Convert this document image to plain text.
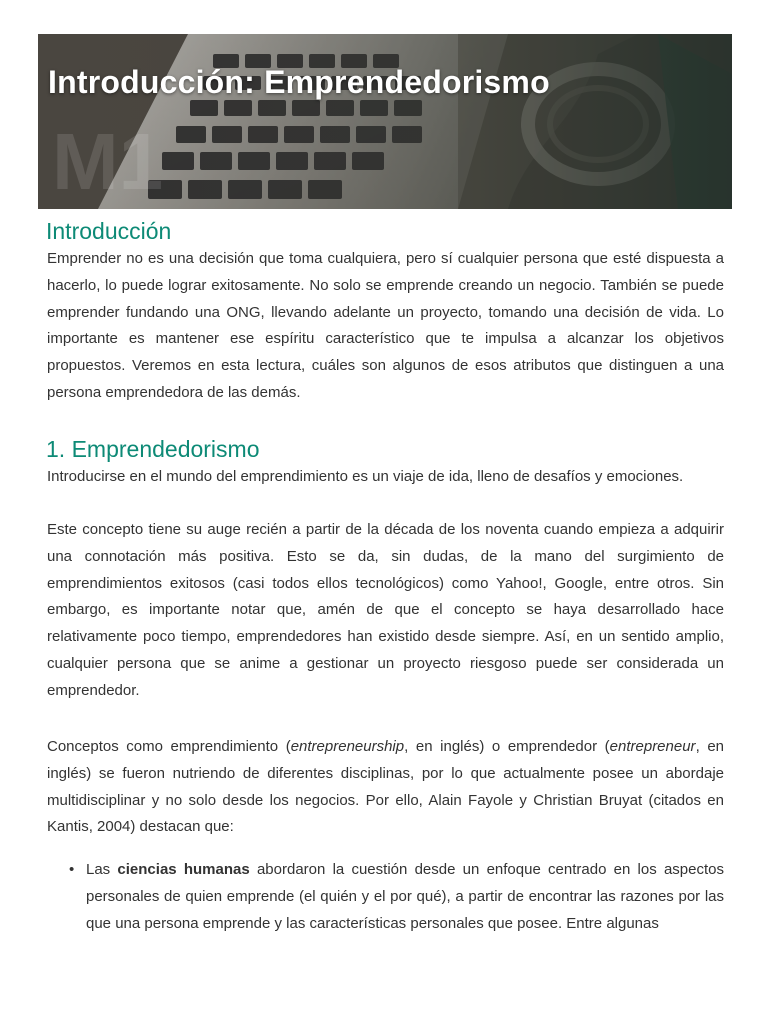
M1
Introducción: Emprendedorismo
Introducción

Emprender no es una decisión que toma cualquiera, pero sí cualquier persona que esté dispuesta a hacerlo, lo puede lograr exitosamente. No solo se emprende creando un negocio. También se puede emprender fundando una ONG, llevando adelante un proyecto, tomando una decisión de vida. Lo importante es mantener ese espíritu característico que te impulsa a alcanzar los objetivos propuestos. Veremos en esta lectura, cuáles son algunos de esos atributos que distinguen a una persona emprendedora de las demás.

1. Emprendedorismo

Introducirse en el mundo del emprendimiento es un viaje de ida, lleno de desafíos y emociones.

Este concepto tiene su auge recién a partir de la década de los noventa cuando empieza a adquirir una connotación más positiva. Esto se da, sin dudas, de la mano del surgimiento de emprendimientos exitosos (casi todos ellos tecnológicos) como Yahoo!, Google, entre otros. Sin embargo, es importante notar que, amén de que el concepto se haya desarrollado hace relativamente poco tiempo, emprendedores han existido desde siempre. Así, en un sentido amplio, cualquier persona que se anime a gestionar un proyecto riesgoso puede ser considerada un emprendedor.

Conceptos como emprendimiento (entrepreneurship, en inglés) o emprendedor (entrepreneur, en inglés) se fueron nutriendo de diferentes disciplinas, por lo que actualmente posee un abordaje multidisciplinar y no solo desde los negocios. Por ello, Alain Fayole y Christian Bruyat (citados en Kantis, 2004) destacan que:

• Las ciencias humanas abordaron la cuestión desde un enfoque centrado en los aspectos personales de quien emprende (el quién y el por qué), a partir de encontrar las razones por las que una persona emprende y las características personales que posee. Entre algunas
